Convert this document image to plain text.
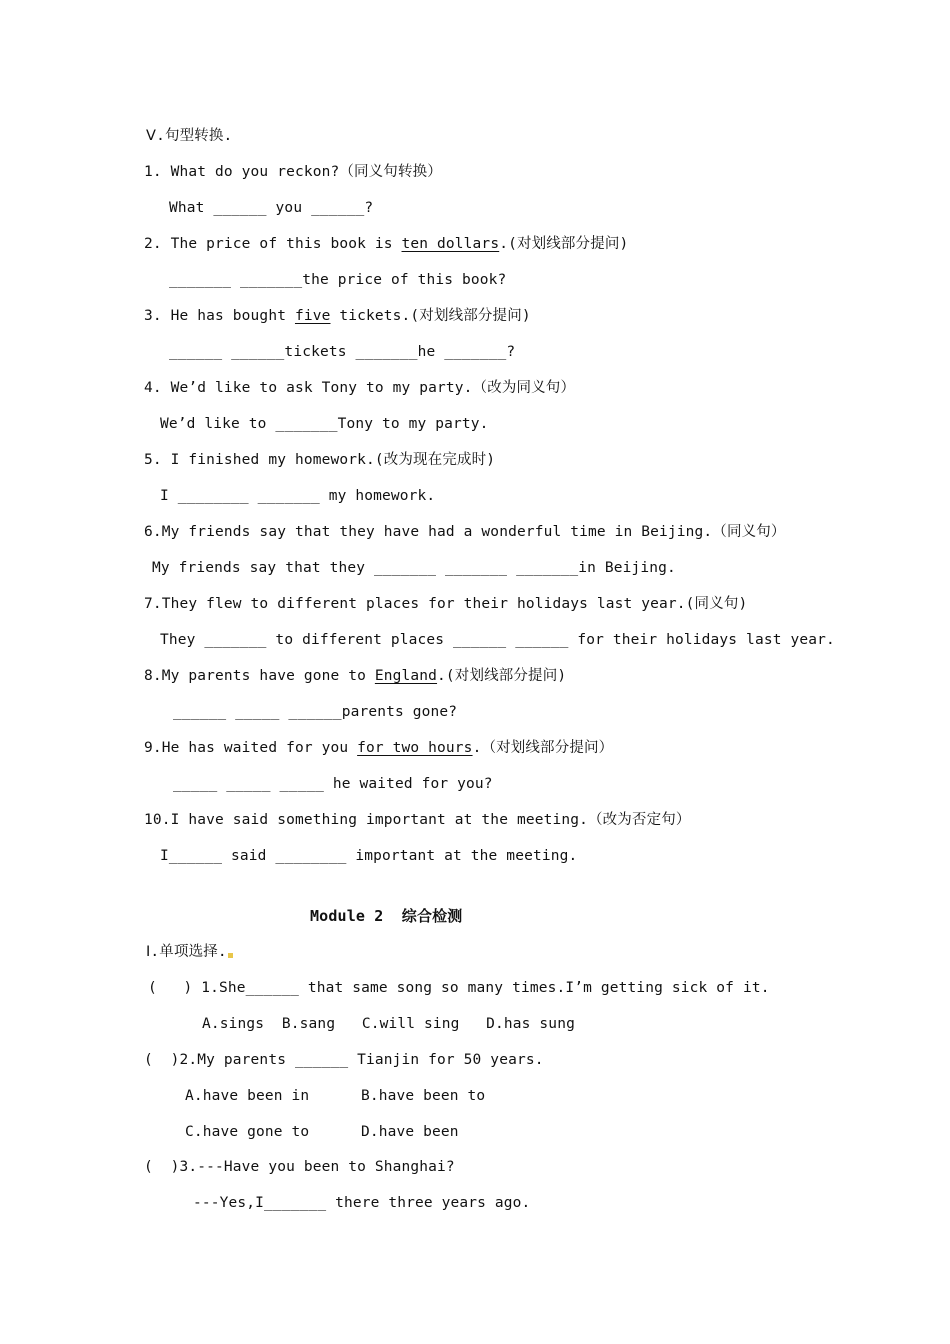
Ⅴ.句型转换.
1. What do you reckon?（同义句转换）
What ______ you ______?
2. The price of this book is ten dollars.(对划线部分提问)
_______ _______the price of this book?
3. He has bought five tickets.(对划线部分提问)
______ ______tickets _______he _______?
4. We’d like to ask Tony to my party.（改为同义句）
We’d like to _______Tony to my party.
5. I finished my homework.(改为现在完成时)
I ________ _______ my homework.
6.My friends say that they have had a wonderful time in Beijing.（同义句）
My friends say that they _______ _______ _______in Beijing.
7.They flew to different places for their holidays last year.(同义句)
They _______ to different places ______ ______ for their holidays last year.
8.My parents have gone to England.(对划线部分提问)
______ _____ ______parents gone?
9.He has waited for you for two hours.（对划线部分提问）
_____ _____ _____ he waited for you?
10.I have said something important at the meeting.（改为否定句）
I______ said ________ important at the meeting.
Module 2  综合检测
Ⅰ.单项选择.
(   ) 1.She______ that same song so many times.I’m getting sick of it.
A.sings  B.sang   C.will sing   D.has sung
(  )2.My parents ______ Tianjin for 50 years.
A.have been in	B.have been to
C.have gone to	D.have been
(  )3.---Have you been to Shanghai?
---Yes,I_______ there three years ago.
